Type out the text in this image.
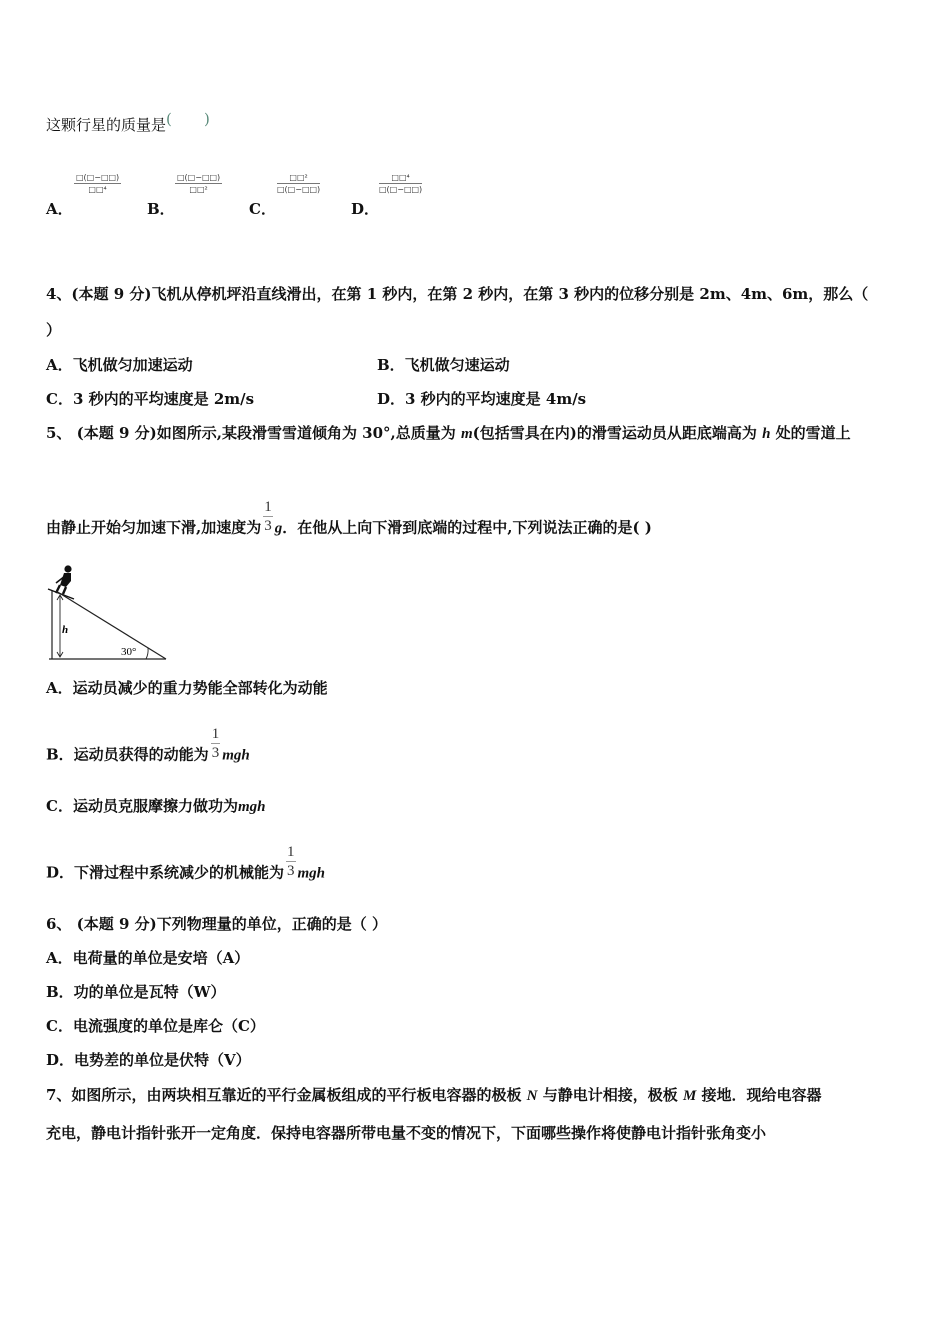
这颗行星的质量是 ( )
A．
□(□−□□)
□□⁴
B．
□(□−□□)
□□²
C．
□□²
□(□−□□)
D．
□□⁴
□(□−□□)
4、(本题 9 分)飞机从停机坪沿直线滑出，在第 1 秒内，在第 2 秒内，在第 3 秒内的位移分别是 2m、4m、6m，那么（
）
A．飞机做匀加速运动	B．飞机做匀速运动
C．3 秒内的平均速度是 2m/s	D．3 秒内的平均速度是 4m/s
5、 (本题 9 分)如图所示,某段滑雪雪道倾角为 30°,总质量为 m(包括雪具在内)的滑雪运动员从距底端高为 h 处的雪道上
由静止开始匀加速下滑,加速度为 $\frac{1}{3}$ g．在他从上向下滑到底端的过程中,下列说法正确的是( )
h
30°
A．运动员减少的重力势能全部转化为动能
B．运动员获得的动能为 $\frac{1}{3}$ mgh
C．运动员克服摩擦力做功为mgh
D．下滑过程中系统减少的机械能为 $\frac{1}{3}$ mgh
6、 (本题 9 分)下列物理量的单位，正确的是（ ）
A．电荷量的单位是安培（A）
B．功的单位是瓦特（W）
C．电流强度的单位是库仑（C）
D．电势差的单位是伏特（V）
7、如图所示，由两块相互靠近的平行金属板组成的平行板电容器的极板 N 与静电计相接，极板 M 接地．现给电容器
充电，静电计指针张开一定角度．保持电容器所带电量不变的情况下，下面哪些操作将使静电计指针张角变小
